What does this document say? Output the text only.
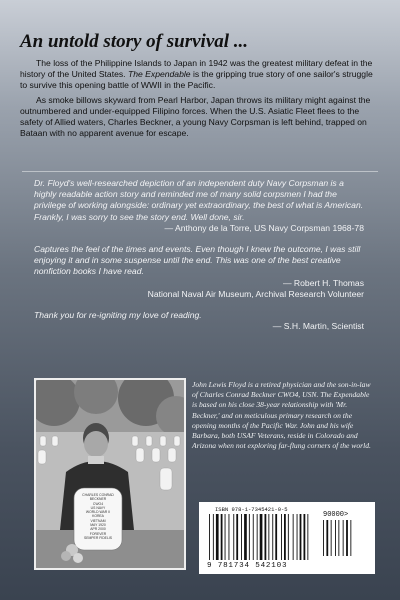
An untold story of survival ...

The loss of the Philippine Islands to Japan in 1942 was the greatest military defeat in the history of the United States. The Expendable is the gripping true story of one sailor's struggle to survive this opening battle of WWII in the Pacific.

As smoke billows skyward from Pearl Harbor, Japan throws its military might against the outnumbered and under-equipped Filipino forces. When the U.S. Asiatic Fleet flees to the safety of Allied waters, Charles Beckner, a young Navy Corpsman is left behind, trapped on Bataan with no apparent avenue for escape.

Dr. Floyd's well-researched depiction of an independent duty Navy Corpsman is a highly readable action story and reminded me of many solid corpsmen I had the privilege of working alongside: ordinary yet extraordinary, the best of what is American. Frankly, I was sorry to see the story end. Well done, sir.

— Anthony de la Torre, US Navy Corpsman 1968-78

Captures the feel of the times and events. Even though I knew the outcome, I was still enjoying it and in some suspense until the end. This was one of the best creative nonfiction books I have read.

— Robert H. Thomas

National Naval Air Museum, Archival Research Volunteer

Thank you for re-igniting my love of reading.

— S.H. Martin, Scientist

CHARLES CONRAD
BECKNER
CWO4
US NAVY
WORLD WAR II
KOREA
VIETNAM
MAY 1920
APR 2000
FOREVER
SEMPER FIDELIS

John Lewis Floyd is a retired physician and the son-in-law of Charles Conrad Beckner CWO4, USN. The Expendable is based on his close 38-year relationship with 'Mr. Beckner,' and on meticulous primary research on the opening months of the Pacific War. John and his wife Barbara, both USAF Veterans, reside in Colorado and Arizona when not exploring far-flung corners of the world.

ISBN 978-1-7345421-0-5
90000>
9 781734 542103
